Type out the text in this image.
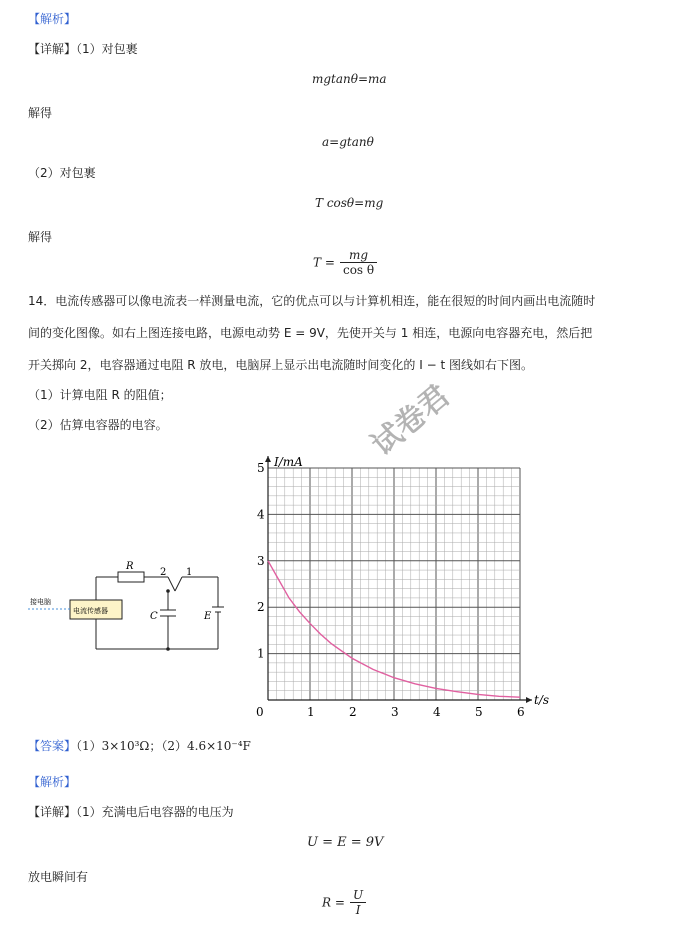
【解析】
【详解】（1）对包裹
mgtanθ=ma
解得
a=gtanθ
（2）对包裹
T cosθ=mg
解得
$T = \frac{mg}{\text{cos θ}}$
14．电流传感器可以像电流表一样测量电流，它的优点可以与计算机相连，能在很短的时间内画出电流随时
间的变化图像。如右上图连接电路，电源电动势 E = 9V，先使开关与 1 相连，电源向电容器充电，然后把
开关掷向 2，电容器通过电阻 R 放电，电脑屏上显示出电流随时间变化的 I − t 图线如右下图。
（1）计算电阻 R 的阻值；
（2）估算电容器的电容。	试卷君
R
2 1
C	E
接电脑
电流传感器
0	1	2	3	4	5	6
1
2
3
4
5
t/s
I/mA
【答案】（1）3×10³Ω；（2）4.6×10⁻⁴F
【解析】
【详解】（1）充满电后电容器的电压为
U = E = 9V
放电瞬间有
$R = \frac{U}{I}$
